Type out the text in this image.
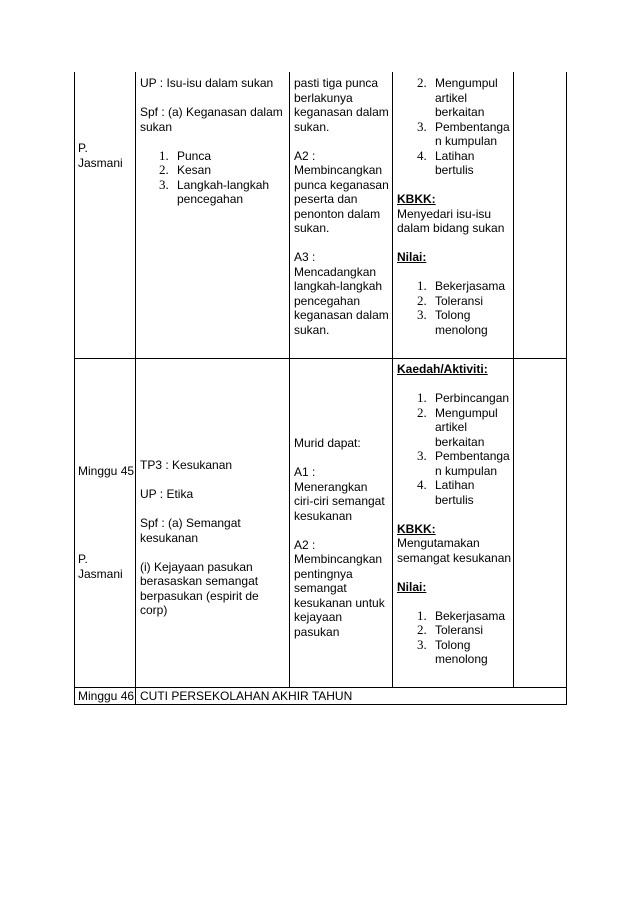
P.

Jasmani

UP : Isu-isu dalam sukan

Spf : (a) Keganasan dalam

sukan

1. Punca

2. Kesan

3. Langkah-langkah

pencegahan

pasti tiga punca

berlakunya

keganasan dalam

sukan.

A2 :

Membincangkan

punca keganasan

peserta dan

penonton dalam

sukan.

A3 :

Mencadangkan

langkah-langkah

pencegahan

keganasan dalam

sukan.

2. Mengumpul

artikel

berkaitan

3. Pembentanga

n kumpulan

4. Latihan

bertulis

KBKK:

Menyedari isu-isu

dalam bidang sukan

Nilai:

1. Bekerjasama

2. Toleransi

3. Tolong

menolong

Minggu 45

P.

Jasmani

TP3 : Kesukanan

UP : Etika

Spf : (a) Semangat kesukanan

(i) Kejayaan pasukan

berasaskan semangat

berpasukan (espirit de corp)

Murid dapat:

A1 : Menerangkan

ciri-ciri semangat

kesukanan

A2 :

Membincangkan

pentingnya

semangat

kesukanan untuk

kejayaan pasukan

Kaedah/Aktiviti:

1. Perbincangan

2. Mengumpul

artikel

berkaitan

3. Pembentanga

n kumpulan

4. Latihan

bertulis

KBKK:

Mengutamakan

semangat kesukanan

Nilai:

1. Bekerjasama

2. Toleransi

3. Tolong

menolong

Minggu 46 CUTI PERSEKOLAHAN AKHIR TAHUN
